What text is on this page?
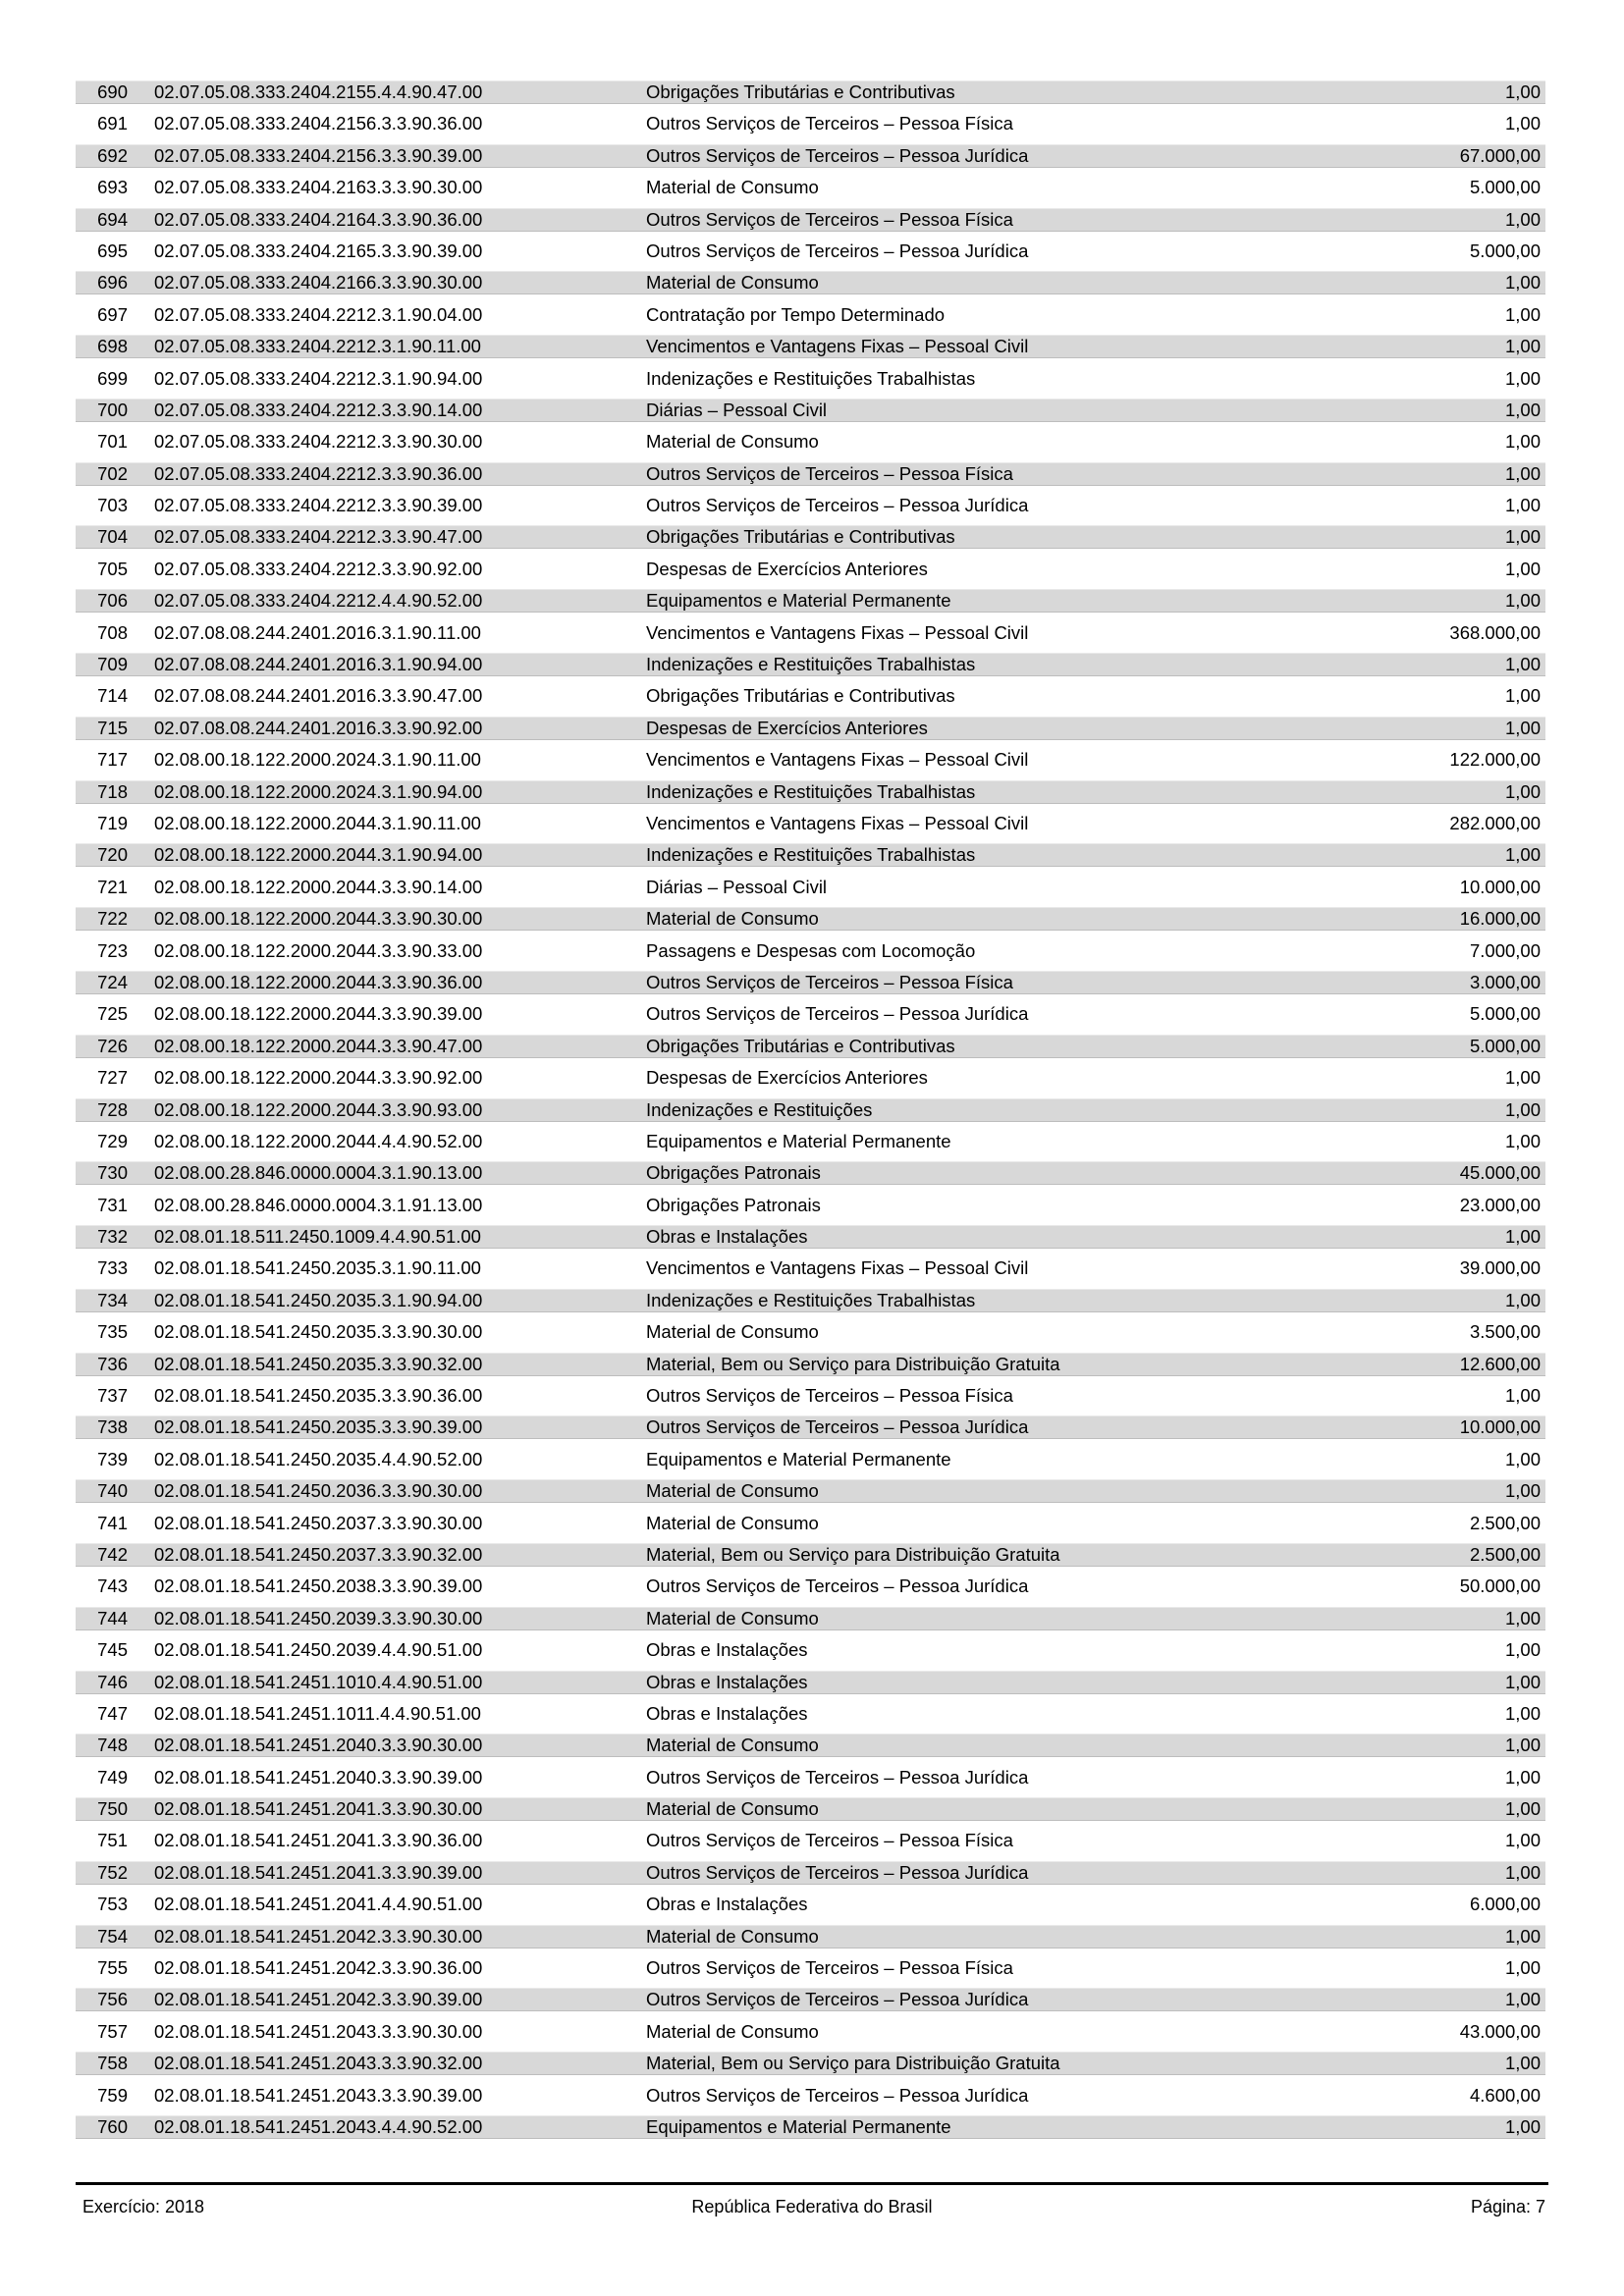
690 02.07.05.08.333.2404.2155.4.4.90.47.00	Obrigações Tributárias e Contributivas	1,00
691 02.07.05.08.333.2404.2156.3.3.90.36.00	Outros Serviços de Terceiros – Pessoa Física	1,00
692 02.07.05.08.333.2404.2156.3.3.90.39.00	Outros Serviços de Terceiros – Pessoa Jurídica	67.000,00
693 02.07.05.08.333.2404.2163.3.3.90.30.00	Material de Consumo	5.000,00
694 02.07.05.08.333.2404.2164.3.3.90.36.00	Outros Serviços de Terceiros – Pessoa Física	1,00
695 02.07.05.08.333.2404.2165.3.3.90.39.00	Outros Serviços de Terceiros – Pessoa Jurídica	5.000,00
696 02.07.05.08.333.2404.2166.3.3.90.30.00	Material de Consumo	1,00
697 02.07.05.08.333.2404.2212.3.1.90.04.00	Contratação por Tempo Determinado	1,00
698 02.07.05.08.333.2404.2212.3.1.90.11.00	Vencimentos e Vantagens Fixas – Pessoal Civil	1,00
699 02.07.05.08.333.2404.2212.3.1.90.94.00	Indenizações e Restituições Trabalhistas	1,00
700 02.07.05.08.333.2404.2212.3.3.90.14.00	Diárias – Pessoal Civil	1,00
701 02.07.05.08.333.2404.2212.3.3.90.30.00	Material de Consumo	1,00
702 02.07.05.08.333.2404.2212.3.3.90.36.00	Outros Serviços de Terceiros – Pessoa Física	1,00
703 02.07.05.08.333.2404.2212.3.3.90.39.00	Outros Serviços de Terceiros – Pessoa Jurídica	1,00
704 02.07.05.08.333.2404.2212.3.3.90.47.00	Obrigações Tributárias e Contributivas	1,00
705 02.07.05.08.333.2404.2212.3.3.90.92.00	Despesas de Exercícios Anteriores	1,00
706 02.07.05.08.333.2404.2212.4.4.90.52.00	Equipamentos e Material Permanente	1,00
708 02.07.08.08.244.2401.2016.3.1.90.11.00	Vencimentos e Vantagens Fixas – Pessoal Civil	368.000,00
709 02.07.08.08.244.2401.2016.3.1.90.94.00	Indenizações e Restituições Trabalhistas	1,00
714 02.07.08.08.244.2401.2016.3.3.90.47.00	Obrigações Tributárias e Contributivas	1,00
715 02.07.08.08.244.2401.2016.3.3.90.92.00	Despesas de Exercícios Anteriores	1,00
717 02.08.00.18.122.2000.2024.3.1.90.11.00	Vencimentos e Vantagens Fixas – Pessoal Civil	122.000,00
718 02.08.00.18.122.2000.2024.3.1.90.94.00	Indenizações e Restituições Trabalhistas	1,00
719 02.08.00.18.122.2000.2044.3.1.90.11.00	Vencimentos e Vantagens Fixas – Pessoal Civil	282.000,00
720 02.08.00.18.122.2000.2044.3.1.90.94.00	Indenizações e Restituições Trabalhistas	1,00
721 02.08.00.18.122.2000.2044.3.3.90.14.00	Diárias – Pessoal Civil	10.000,00
722 02.08.00.18.122.2000.2044.3.3.90.30.00	Material de Consumo	16.000,00
723 02.08.00.18.122.2000.2044.3.3.90.33.00	Passagens e Despesas com Locomoção	7.000,00
724 02.08.00.18.122.2000.2044.3.3.90.36.00	Outros Serviços de Terceiros – Pessoa Física	3.000,00
725 02.08.00.18.122.2000.2044.3.3.90.39.00	Outros Serviços de Terceiros – Pessoa Jurídica	5.000,00
726 02.08.00.18.122.2000.2044.3.3.90.47.00	Obrigações Tributárias e Contributivas	5.000,00
727 02.08.00.18.122.2000.2044.3.3.90.92.00	Despesas de Exercícios Anteriores	1,00
728 02.08.00.18.122.2000.2044.3.3.90.93.00	Indenizações e Restituições	1,00
729 02.08.00.18.122.2000.2044.4.4.90.52.00	Equipamentos e Material Permanente	1,00
730 02.08.00.28.846.0000.0004.3.1.90.13.00	Obrigações Patronais	45.000,00
731 02.08.00.28.846.0000.0004.3.1.91.13.00	Obrigações Patronais	23.000,00
732 02.08.01.18.511.2450.1009.4.4.90.51.00	Obras e Instalações	1,00
733 02.08.01.18.541.2450.2035.3.1.90.11.00	Vencimentos e Vantagens Fixas – Pessoal Civil	39.000,00
734 02.08.01.18.541.2450.2035.3.1.90.94.00	Indenizações e Restituições Trabalhistas	1,00
735 02.08.01.18.541.2450.2035.3.3.90.30.00	Material de Consumo	3.500,00
736 02.08.01.18.541.2450.2035.3.3.90.32.00	Material, Bem ou Serviço para Distribuição Gratuita	12.600,00
737 02.08.01.18.541.2450.2035.3.3.90.36.00	Outros Serviços de Terceiros – Pessoa Física	1,00
738 02.08.01.18.541.2450.2035.3.3.90.39.00	Outros Serviços de Terceiros – Pessoa Jurídica	10.000,00
739 02.08.01.18.541.2450.2035.4.4.90.52.00	Equipamentos e Material Permanente	1,00
740 02.08.01.18.541.2450.2036.3.3.90.30.00	Material de Consumo	1,00
741 02.08.01.18.541.2450.2037.3.3.90.30.00	Material de Consumo	2.500,00
742 02.08.01.18.541.2450.2037.3.3.90.32.00	Material, Bem ou Serviço para Distribuição Gratuita	2.500,00
743 02.08.01.18.541.2450.2038.3.3.90.39.00	Outros Serviços de Terceiros – Pessoa Jurídica	50.000,00
744 02.08.01.18.541.2450.2039.3.3.90.30.00	Material de Consumo	1,00
745 02.08.01.18.541.2450.2039.4.4.90.51.00	Obras e Instalações	1,00
746 02.08.01.18.541.2451.1010.4.4.90.51.00	Obras e Instalações	1,00
747 02.08.01.18.541.2451.1011.4.4.90.51.00	Obras e Instalações	1,00
748 02.08.01.18.541.2451.2040.3.3.90.30.00	Material de Consumo	1,00
749 02.08.01.18.541.2451.2040.3.3.90.39.00	Outros Serviços de Terceiros – Pessoa Jurídica	1,00
750 02.08.01.18.541.2451.2041.3.3.90.30.00	Material de Consumo	1,00
751 02.08.01.18.541.2451.2041.3.3.90.36.00	Outros Serviços de Terceiros – Pessoa Física	1,00
752 02.08.01.18.541.2451.2041.3.3.90.39.00	Outros Serviços de Terceiros – Pessoa Jurídica	1,00
753 02.08.01.18.541.2451.2041.4.4.90.51.00	Obras e Instalações	6.000,00
754 02.08.01.18.541.2451.2042.3.3.90.30.00	Material de Consumo	1,00
755 02.08.01.18.541.2451.2042.3.3.90.36.00	Outros Serviços de Terceiros – Pessoa Física	1,00
756 02.08.01.18.541.2451.2042.3.3.90.39.00	Outros Serviços de Terceiros – Pessoa Jurídica	1,00
757 02.08.01.18.541.2451.2043.3.3.90.30.00	Material de Consumo	43.000,00
758 02.08.01.18.541.2451.2043.3.3.90.32.00	Material, Bem ou Serviço para Distribuição Gratuita	1,00
759 02.08.01.18.541.2451.2043.3.3.90.39.00	Outros Serviços de Terceiros – Pessoa Jurídica	4.600,00
760 02.08.01.18.541.2451.2043.4.4.90.52.00	Equipamentos e Material Permanente	1,00
Exercício: 2018	República Federativa do Brasil	Página: 7
